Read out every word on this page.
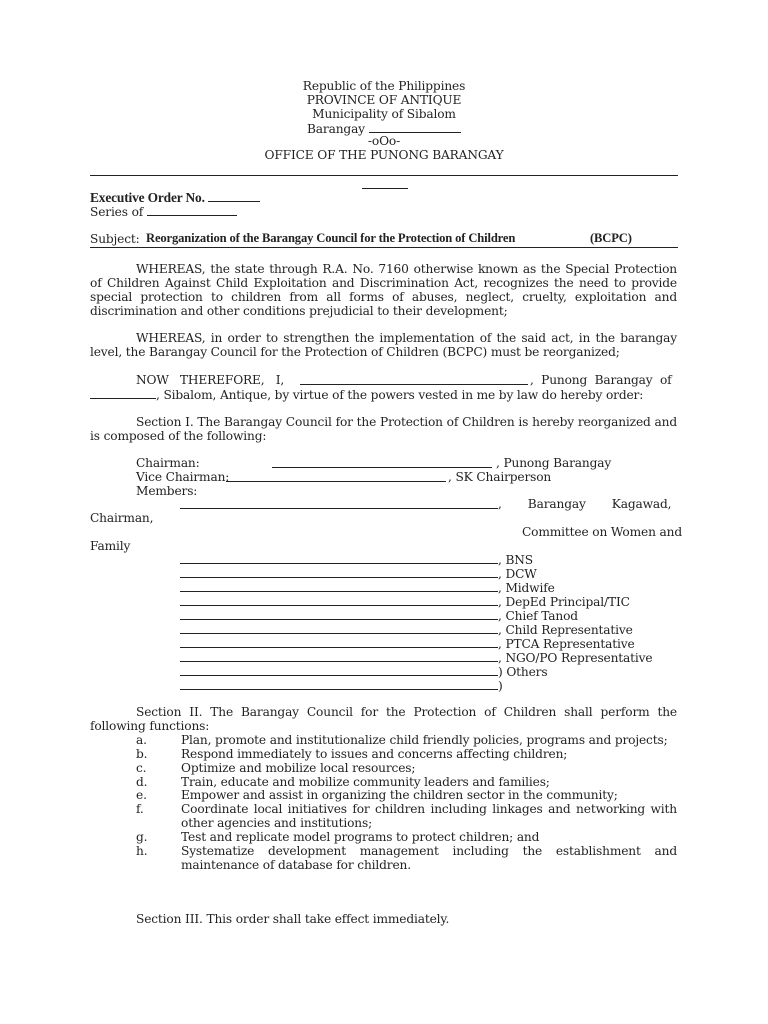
Republic of the Philippines
PROVINCE OF ANTIQUE
Municipality of Sibalom
Barangay
-oOo-
OFFICE OF THE PUNONG BARANGAY
Executive Order No.
Series of
Subject: Reorganization of the Barangay Council for the Protection of Children	(BCPC)
WHEREAS, the state through R.A. No. 7160 otherwise known as the Special Protection of Children Against Child Exploitation and Discrimination Act, recognizes the need to provide special protection to children from all forms of abuses, neglect, cruelty, exploitation and discrimination and other conditions prejudicial to their development;
WHEREAS, in order to strengthen the implementation of the said act, in the barangay level, the Barangay Council for the Protection of Children (BCPC) must be reorganized;
NOW   THEREFORE,   I,	,  Punong  Barangay  of
, Sibalom, Antique, by virtue of the powers vested in me by law do hereby order:
Section I. The Barangay Council for the Protection of Children is hereby reorganized and is composed of the following:
Chairman:	, Punong Barangay
Vice Chairman:	, SK Chairperson
Members:
,       Barangay       Kagawad,
Chairman,
Committee on Women and
Family
, BNS
, DCW
, Midwife
, DepEd Principal/TIC
, Chief Tanod
, Child Representative
, PTCA Representative
, NGO/PO Representative
) Others
)
Section II. The Barangay Council for the Protection of Children shall perform the following functions:
a.	Plan, promote and institutionalize child friendly policies, programs and projects;
b.	Respond immediately to issues and concerns affecting children;
c.	Optimize and mobilize local resources;
d.	Train, educate and mobilize community leaders and families;
e.	Empower and assist in organizing the children sector in the community;
f.	Coordinate local initiatives for children including linkages and networking with other agencies and institutions;
g.	Test and replicate model programs to protect children; and
h.	Systematize development management including the establishment and maintenance of database for children.
Section III. This order shall take effect immediately.
